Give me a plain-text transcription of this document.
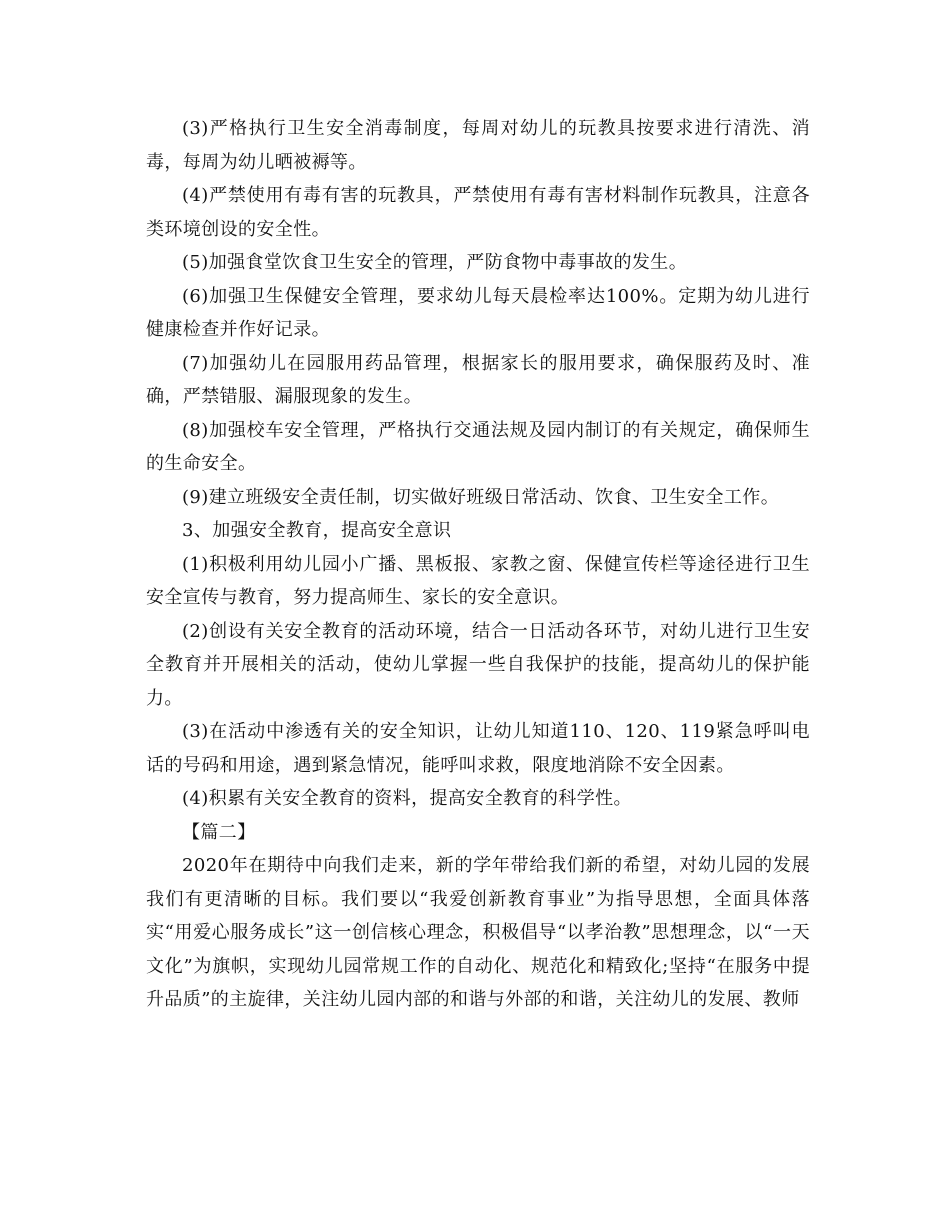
(3)严格执行卫生安全消毒制度，每周对幼儿的玩教具按要求进行清洗、消毒，每周为幼儿晒被褥等。

(4)严禁使用有毒有害的玩教具，严禁使用有毒有害材料制作玩教具，注意各类环境创设的安全性。

(5)加强食堂饮食卫生安全的管理，严防食物中毒事故的发生。

(6)加强卫生保健安全管理，要求幼儿每天晨检率达100%。定期为幼儿进行健康检查并作好记录。

(7)加强幼儿在园服用药品管理，根据家长的服用要求，确保服药及时、准确，严禁错服、漏服现象的发生。

(8)加强校车安全管理，严格执行交通法规及园内制订的有关规定，确保师生的生命安全。

(9)建立班级安全责任制，切实做好班级日常活动、饮食、卫生安全工作。

3、加强安全教育，提高安全意识

(1)积极利用幼儿园小广播、黑板报、家教之窗、保健宣传栏等途径进行卫生安全宣传与教育，努力提高师生、家长的安全意识。

(2)创设有关安全教育的活动环境，结合一日活动各环节，对幼儿进行卫生安全教育并开展相关的活动，使幼儿掌握一些自我保护的技能，提高幼儿的保护能力。

(3)在活动中渗透有关的安全知识，让幼儿知道110、120、119紧急呼叫电话的号码和用途，遇到紧急情况，能呼叫求救，限度地消除不安全因素。

(4)积累有关安全教育的资料，提高安全教育的科学性。

【篇二】

2020年在期待中向我们走来，新的学年带给我们新的希望，对幼儿园的发展我们有更清晰的目标。我们要以“我爱创新教育事业”为指导思想，全面具体落实“用爱心服务成长”这一创信核心理念，积极倡导“以孝治教”思想理念，以“一天文化”为旗帜，实现幼儿园常规工作的自动化、规范化和精致化;坚持“在服务中提升品质”的主旋律，关注幼儿园内部的和谐与外部的和谐，关注幼儿的发展、教师
